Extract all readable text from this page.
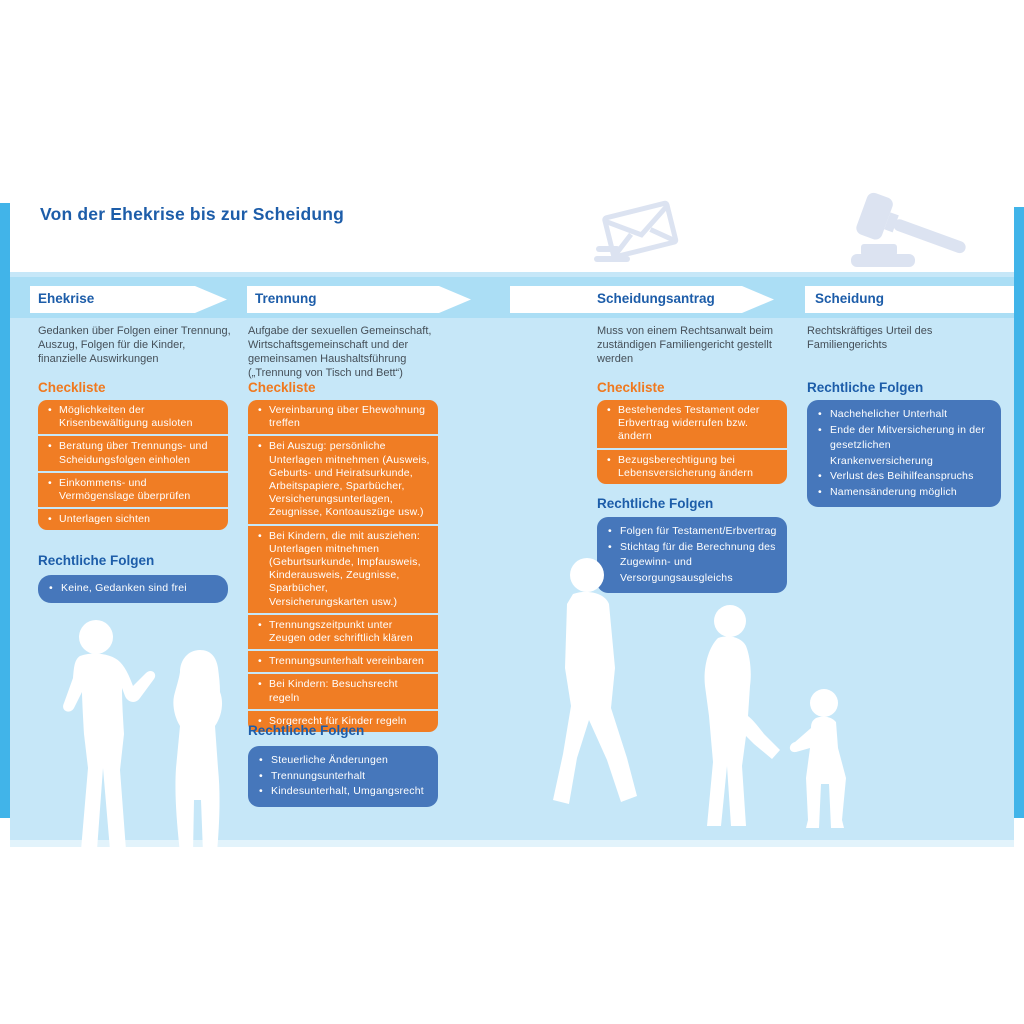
Von der Ehekrise bis zur Scheidung
Ehekrise	Trennung	Scheidungsantrag	Scheidung
Gedanken über Folgen einer Trennung, Auszug, Folgen für die Kinder, finanzielle Auswirkungen
Checkliste
• Möglichkeiten der Krisenbewältigung ausloten
• Beratung über Trennungs- und Scheidungsfolgen einholen
• Einkommens- und Vermögenslage überprüfen
• Unterlagen sichten
Rechtliche Folgen
• Keine, Gedanken sind frei
Aufgabe der sexuellen Gemeinschaft, Wirtschaftsgemeinschaft und der gemeinsamen Haushaltsführung („Trennung von Tisch und Bett“)
Checkliste
• Vereinbarung über Ehewohnung treffen
• Bei Auszug: persönliche Unterlagen mitnehmen (Ausweis, Geburts- und Heiratsurkunde, Arbeitspapiere, Sparbücher, Versicherungsunterlagen, Zeugnisse, Kontoauszüge usw.)
• Bei Kindern, die mit ausziehen: Unterlagen mitnehmen (Geburtsurkunde, Impfausweis, Kinderausweis, Zeugnisse, Sparbücher, Versicherungskarten usw.)
• Trennungszeitpunkt unter Zeugen oder schriftlich klären
• Trennungsunterhalt vereinbaren
• Bei Kindern: Besuchsrecht regeln
• Sorgerecht für Kinder regeln
Rechtliche Folgen
• Steuerliche Änderungen
• Trennungsunterhalt
• Kindesunterhalt, Umgangsrecht
Muss von einem Rechtsanwalt beim zuständigen Familiengericht gestellt werden
Checkliste
• Bestehendes Testament oder Erbvertrag widerrufen bzw. ändern
• Bezugsberechtigung bei Lebensversicherung ändern
Rechtliche Folgen
• Folgen für Testament/Erbvertrag
• Stichtag für die Berechnung des Zugewinn- und Versorgungsausgleichs
Rechtskräftiges Urteil des Familiengerichts
Rechtliche Folgen
• Nachehelicher Unterhalt
• Ende der Mitversicherung in der gesetzlichen Krankenversicherung
• Verlust des Beihilfeanspruchs
• Namensänderung möglich
